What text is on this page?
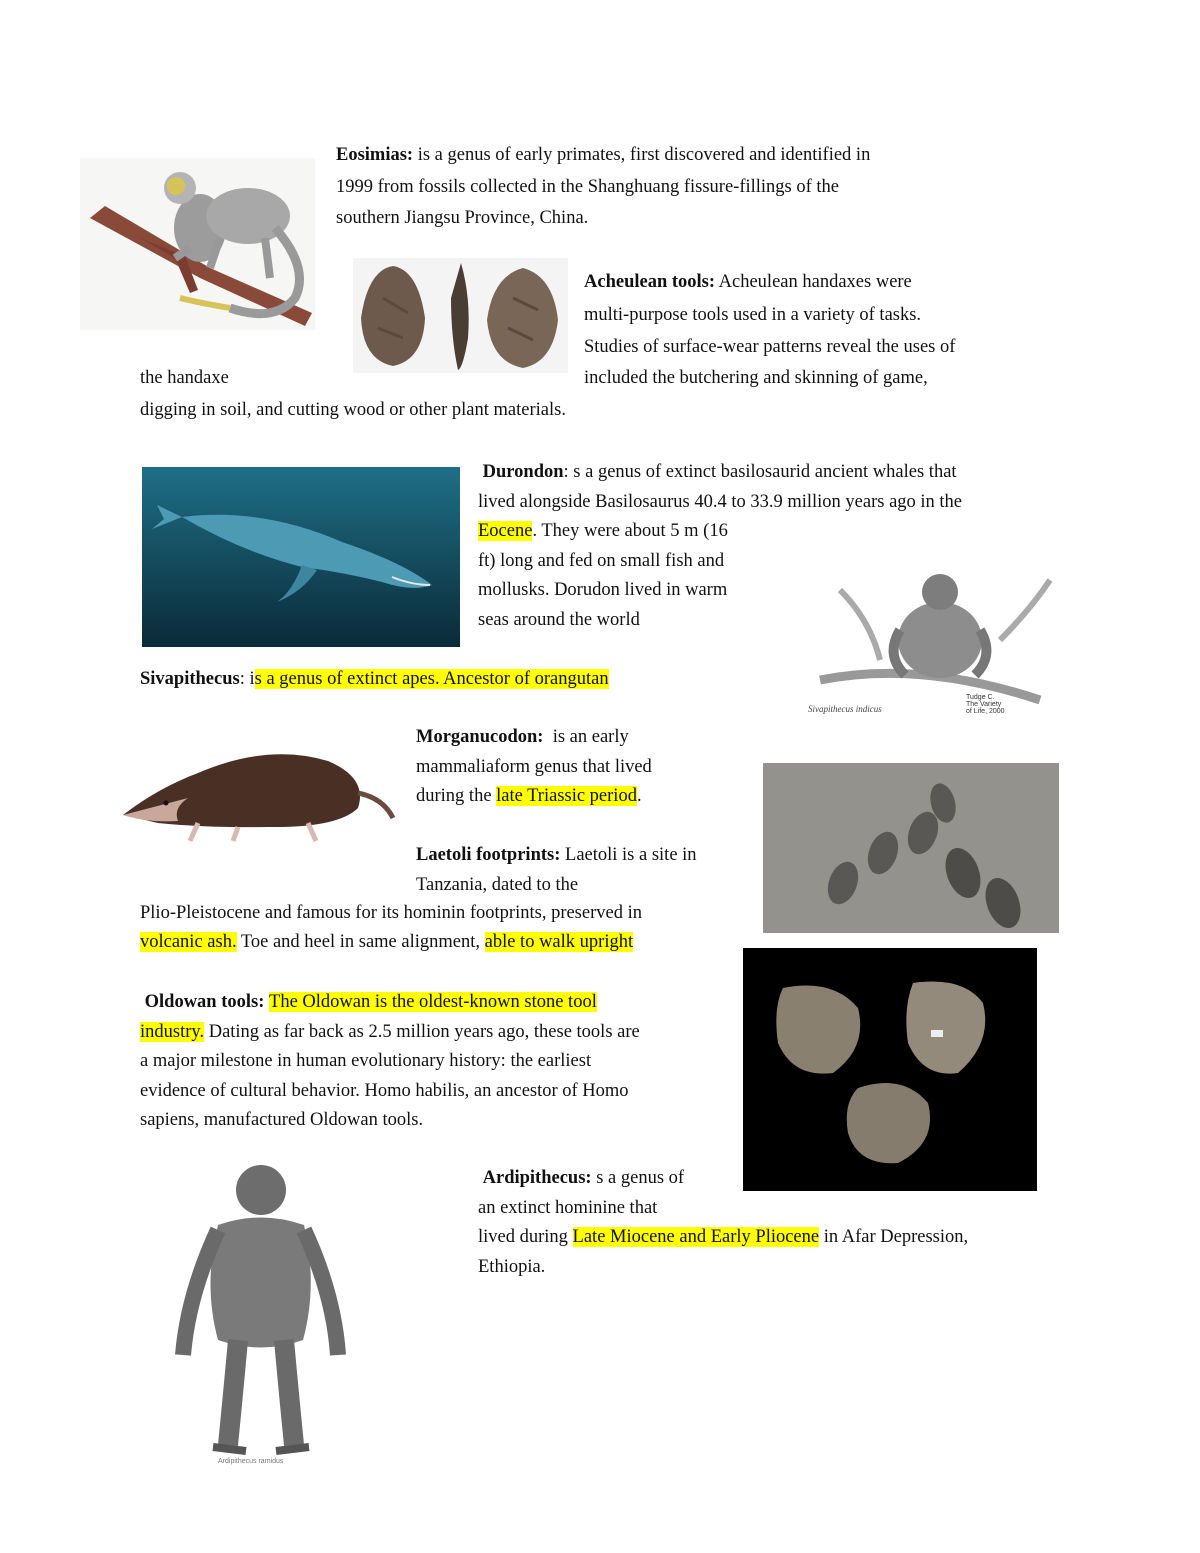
Sivapithecus indicus
Ardipithecus ramidus
Eosimias: is a genus of early primates, first discovered and identified in
1999 from fossils collected in the Shanghuang fissure-fillings of the
southern Jiangsu Province, China.
Acheulean tools: Acheulean handaxes were
multi-purpose tools used in a variety of tasks.
Studies of surface-wear patterns reveal the uses of
the handaxe	included the butchering and skinning of game,
digging in soil, and cutting wood or other plant materials.
Durondon: s a genus of extinct basilosaurid ancient whales that
lived alongside Basilosaurus 40.4 to 33.9 million years ago in the
Eocene. They were about 5 m (16
ft) long and fed on small fish and
mollusks. Dorudon lived in warm
seas around the world
Sivapithecus: is a genus of extinct apes. Ancestor of orangutan
Morganucodon:  is an early
mammaliaform genus that lived
during the late Triassic period.
Laetoli footprints: Laetoli is a site in
Tanzania, dated to the
Plio-Pleistocene and famous for its hominin footprints, preserved in
volcanic ash. Toe and heel in same alignment, able to walk upright
Oldowan tools: The Oldowan is the oldest-known stone tool
industry. Dating as far back as 2.5 million years ago, these tools are
a major milestone in human evolutionary history: the earliest
evidence of cultural behavior. Homo habilis, an ancestor of Homo
sapiens, manufactured Oldowan tools.
Ardipithecus: s a genus of
an extinct hominine that
lived during Late Miocene and Early Pliocene in Afar Depression,
Ethiopia.
Tudge C.
The Variety
of Life, 2000
